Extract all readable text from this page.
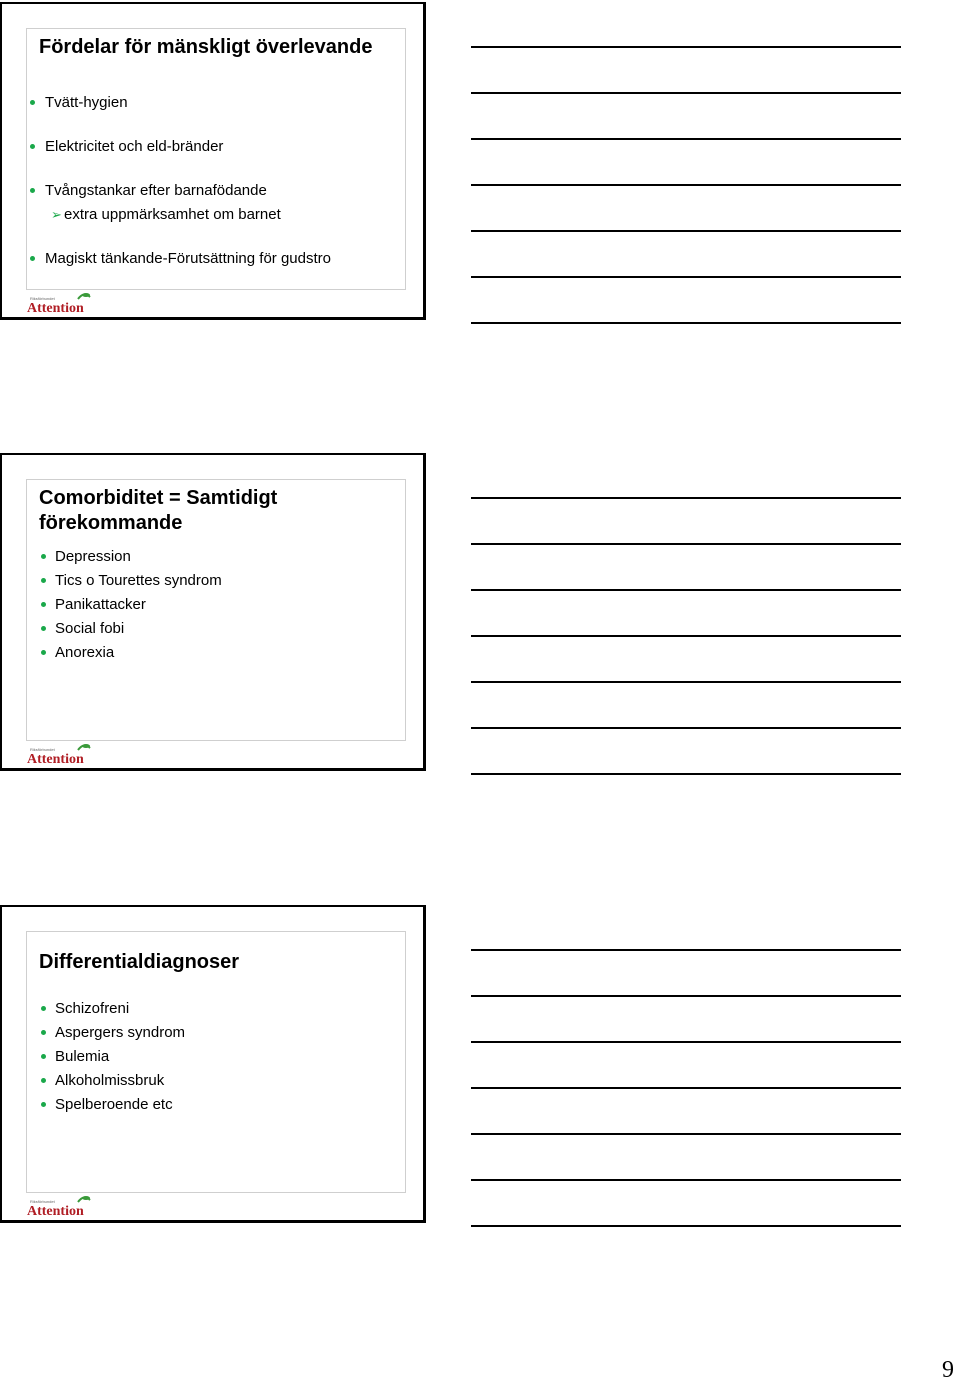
Fördelar för mänskligt överlevande
Tvätt-hygien
Elektricitet och eld-bränder
Tvångstankar efter barnafödande
➢ extra uppmärksamhet om barnet
Magiskt tänkande-Förutsättning för gudstro
Riksförbundet
Attention
Comorbiditet = Samtidigt förekommande
Depression
Tics o Tourettes syndrom
Panikattacker
Social fobi
Anorexia
Riksförbundet
Attention
Differentialdiagnoser
Schizofreni
Aspergers syndrom
Bulemia
Alkoholmissbruk
Spelberoende etc
Riksförbundet
Attention
9
